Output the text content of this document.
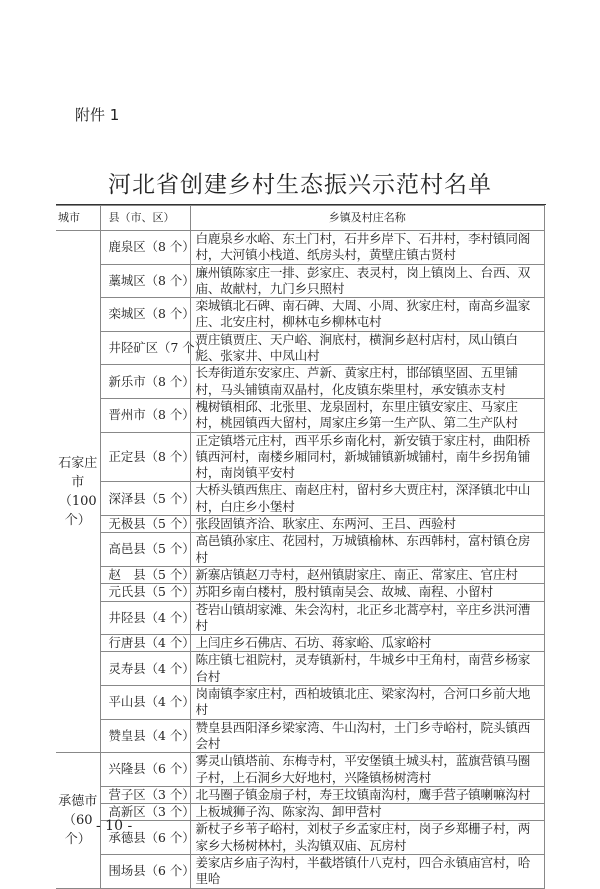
附件 1
河北省创建乡村生态振兴示范村名单
城市	县（市、区）	乡镇及村庄名称
石家庄市（100个）	鹿泉区（8 个）	白鹿泉乡水峪、东土门村，石井乡岸下、石井村，李村镇同阁村，大河镇小栈道、纸房头村，黄壁庄镇古贤村
	藁城区（8 个）	廉州镇陈家庄一排、彭家庄、表灵村，岗上镇岗上、台西、双庙、故献村，九门乡只照村
	栾城区（8 个）	栾城镇北石碑、南石碑、大周、小周、狄家庄村，南高乡温家庄、北安庄村，柳林屯乡柳林屯村
	井陉矿区（7 个）	贾庄镇贾庄、天户峪、涧底村，横涧乡赵村店村，凤山镇白彪、张家井、中凤山村
	新乐市（8 个）	长寿街道东安家庄、芦新、黄家庄村，邯邰镇坚固、五里铺村，马头铺镇南双晶村，化皮镇东柴里村，承安镇赤支村
	晋州市（8 个）	槐树镇相邱、北张里、龙泉固村，东里庄镇安家庄、马家庄村，桃园镇西大留村，周家庄乡第一生产队、第二生产队村
	正定县（8 个）	正定镇塔元庄村，西平乐乡南化村，新安镇于家庄村，曲阳桥镇西河村，南楼乡厢同村，新城铺镇新城铺村，南牛乡拐角铺村，南岗镇平安村
	深泽县（5 个）	大桥头镇西焦庄、南赵庄村，留村乡大贾庄村，深泽镇北中山村，白庄乡小堡村
	无极县（5 个）	张段固镇齐洽、耿家庄、东两河、王吕、西验村
	高邑县（5 个）	高邑镇孙家庄、花园村，万城镇榆林、东西韩村，富村镇仓房村
	赵　县（5 个）	新寨店镇赵刀寺村，赵州镇尉家庄、南正、常家庄、官庄村
	元氏县（5 个）	苏阳乡南白楼村，殷村镇南吴会、故城、南程、小留村
	井陉县（4 个）	苍岩山镇胡家滩、朱会沟村，北正乡北蒿亭村，辛庄乡洪河漕村
	行唐县（4 个）	上闫庄乡石佛店、石坊、蒋家峪、瓜家峪村
	灵寿县（4 个）	陈庄镇七祖院村，灵寿镇新村，牛城乡中王角村，南营乡杨家台村
	平山县（4 个）	岗南镇李家庄村，西柏坡镇北庄、梁家沟村，合河口乡前大地村
	赞皇县（4 个）	赞皇县西阳泽乡梁家湾、牛山沟村，土门乡寺峪村，院头镇西会村
承德市（60个）	兴隆县（6 个）	雾灵山镇塔前、东梅寺村，平安堡镇土城头村，蓝旗营镇马圈子村，上石洞乡大好地村，兴隆镇杨树湾村
	营子区（3 个）	北马圈子镇金扇子村，寿王坟镇南沟村，鹰手营子镇喇嘛沟村
	高新区（3 个）	上板城狮子沟、陈家沟、卸甲营村
	承德县（6 个）	新杖子乡苇子峪村，刘杖子乡孟家庄村，岗子乡郑栅子村，两家乡大杨树林村，头沟镇双庙、瓦房村
	围场县（6 个）	姜家店乡庙子沟村，半截塔镇什八克村，四合永镇庙宫村，哈里哈
- 10 -
